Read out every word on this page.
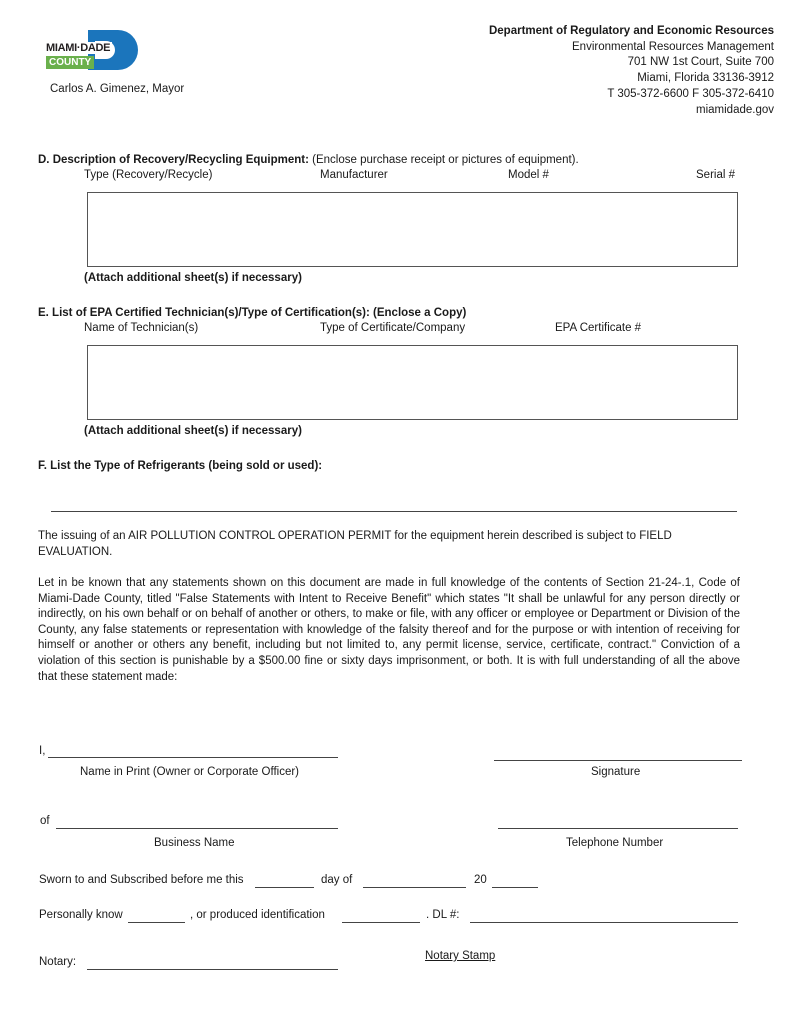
MIAMI·DADE
COUNTY
Carlos A. Gimenez, Mayor
Department of Regulatory and Economic Resources
Environmental Resources Management
701 NW 1st Court, Suite 700
Miami, Florida 33136-3912
T 305-372-6600 F 305-372-6410
miamidade.gov
D. Description of Recovery/Recycling Equipment: (Enclose purchase receipt or pictures of equipment).
Type (Recovery/Recycle)	Manufacturer	Model #	Serial #
(Attach additional sheet(s) if necessary)
E. List of EPA Certified Technician(s)/Type of Certification(s): (Enclose a Copy)
Name of Technician(s)	Type of Certificate/Company	EPA Certificate #
(Attach additional sheet(s) if necessary)
F. List the Type of Refrigerants (being sold or used):
The issuing of an AIR POLLUTION CONTROL OPERATION PERMIT for the equipment herein described is subject to FIELD EVALUATION.
Let in be known that any statements shown on this document are made in full knowledge of the contents of Section 21-24-.1, Code of Miami-Dade County, titled "False Statements with Intent to Receive Benefit" which states "It shall be unlawful for any person directly or indirectly, on his own behalf or on behalf of another or others, to make or file, with any officer or employee or Department or Division of the County, any false statements or representation with knowledge of the falsity thereof and for the purpose or with intention of receiving for himself or another or others any benefit, including but not limited to, any permit license, service, certificate, contract." Conviction of a violation of this section is punishable by a $500.00 fine or sixty days imprisonment, or both. It is with full understanding of all the above that these statement made:
I,
Name in Print (Owner or Corporate Officer)	Signature
of
Business Name	Telephone Number
Sworn to and Subscribed before me this	day of	20
Personally know	, or produced identification	. DL #:
Notary:	Notary Stamp
